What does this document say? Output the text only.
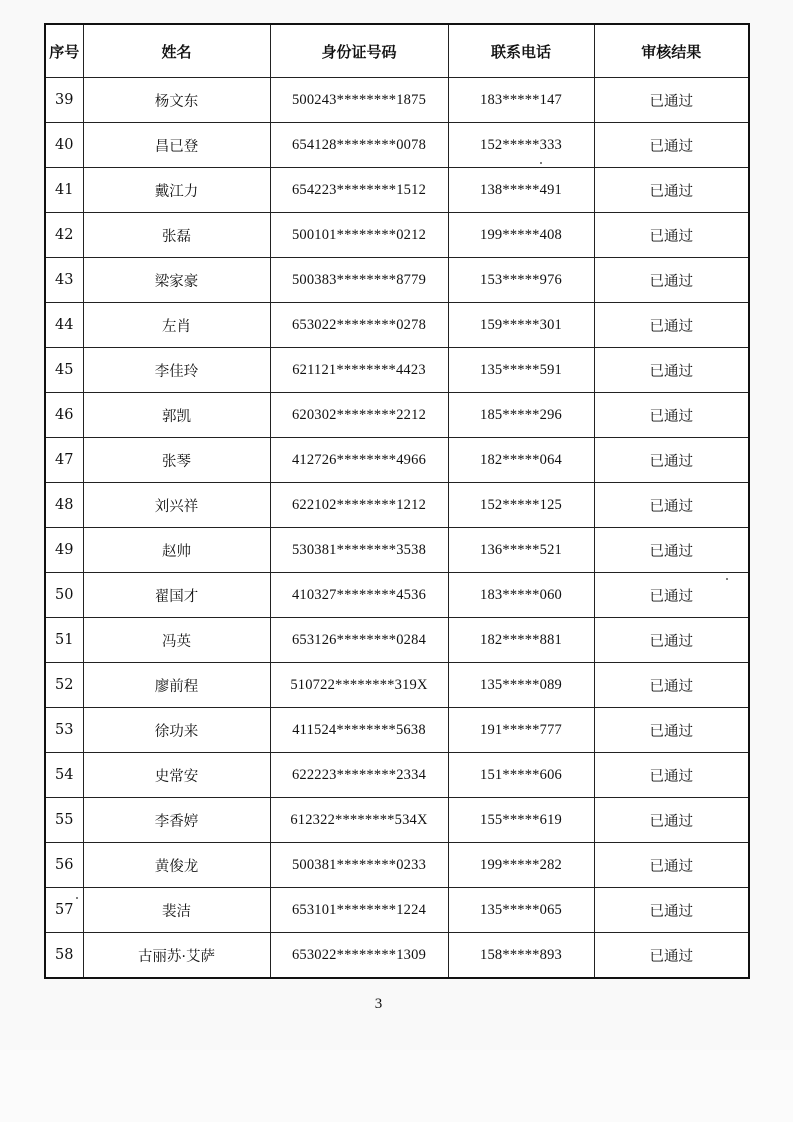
序号	姓名	身份证号码	联系电话	审核结果
39	杨文东	500243********1875	183*****147	已通过
40	昌已登	654128********0078	152*****333	已通过
41	戴江力	654223********1512	138*****491	已通过
42	张磊	500101********0212	199*****408	已通过
43	梁家豪	500383********8779	153*****976	已通过
44	左肖	653022********0278	159*****301	已通过
45	李佳玲	621121********4423	135*****591	已通过
46	郭凯	620302********2212	185*****296	已通过
47	张琴	412726********4966	182*****064	已通过
48	刘兴祥	622102********1212	152*****125	已通过
49	赵帅	530381********3538	136*****521	已通过
50	翟国才	410327********4536	183*****060	已通过
51	冯英	653126********0284	182*****881	已通过
52	廖前程	510722********319X	135*****089	已通过
53	徐功来	411524********5638	191*****777	已通过
54	史常安	622223********2334	151*****606	已通过
55	李香婷	612322********534X	155*****619	已通过
56	黄俊龙	500381********0233	199*****282	已通过
57	裴洁	653101********1224	135*****065	已通过
58	古丽苏·艾萨	653022********1309	158*****893	已通过
3
